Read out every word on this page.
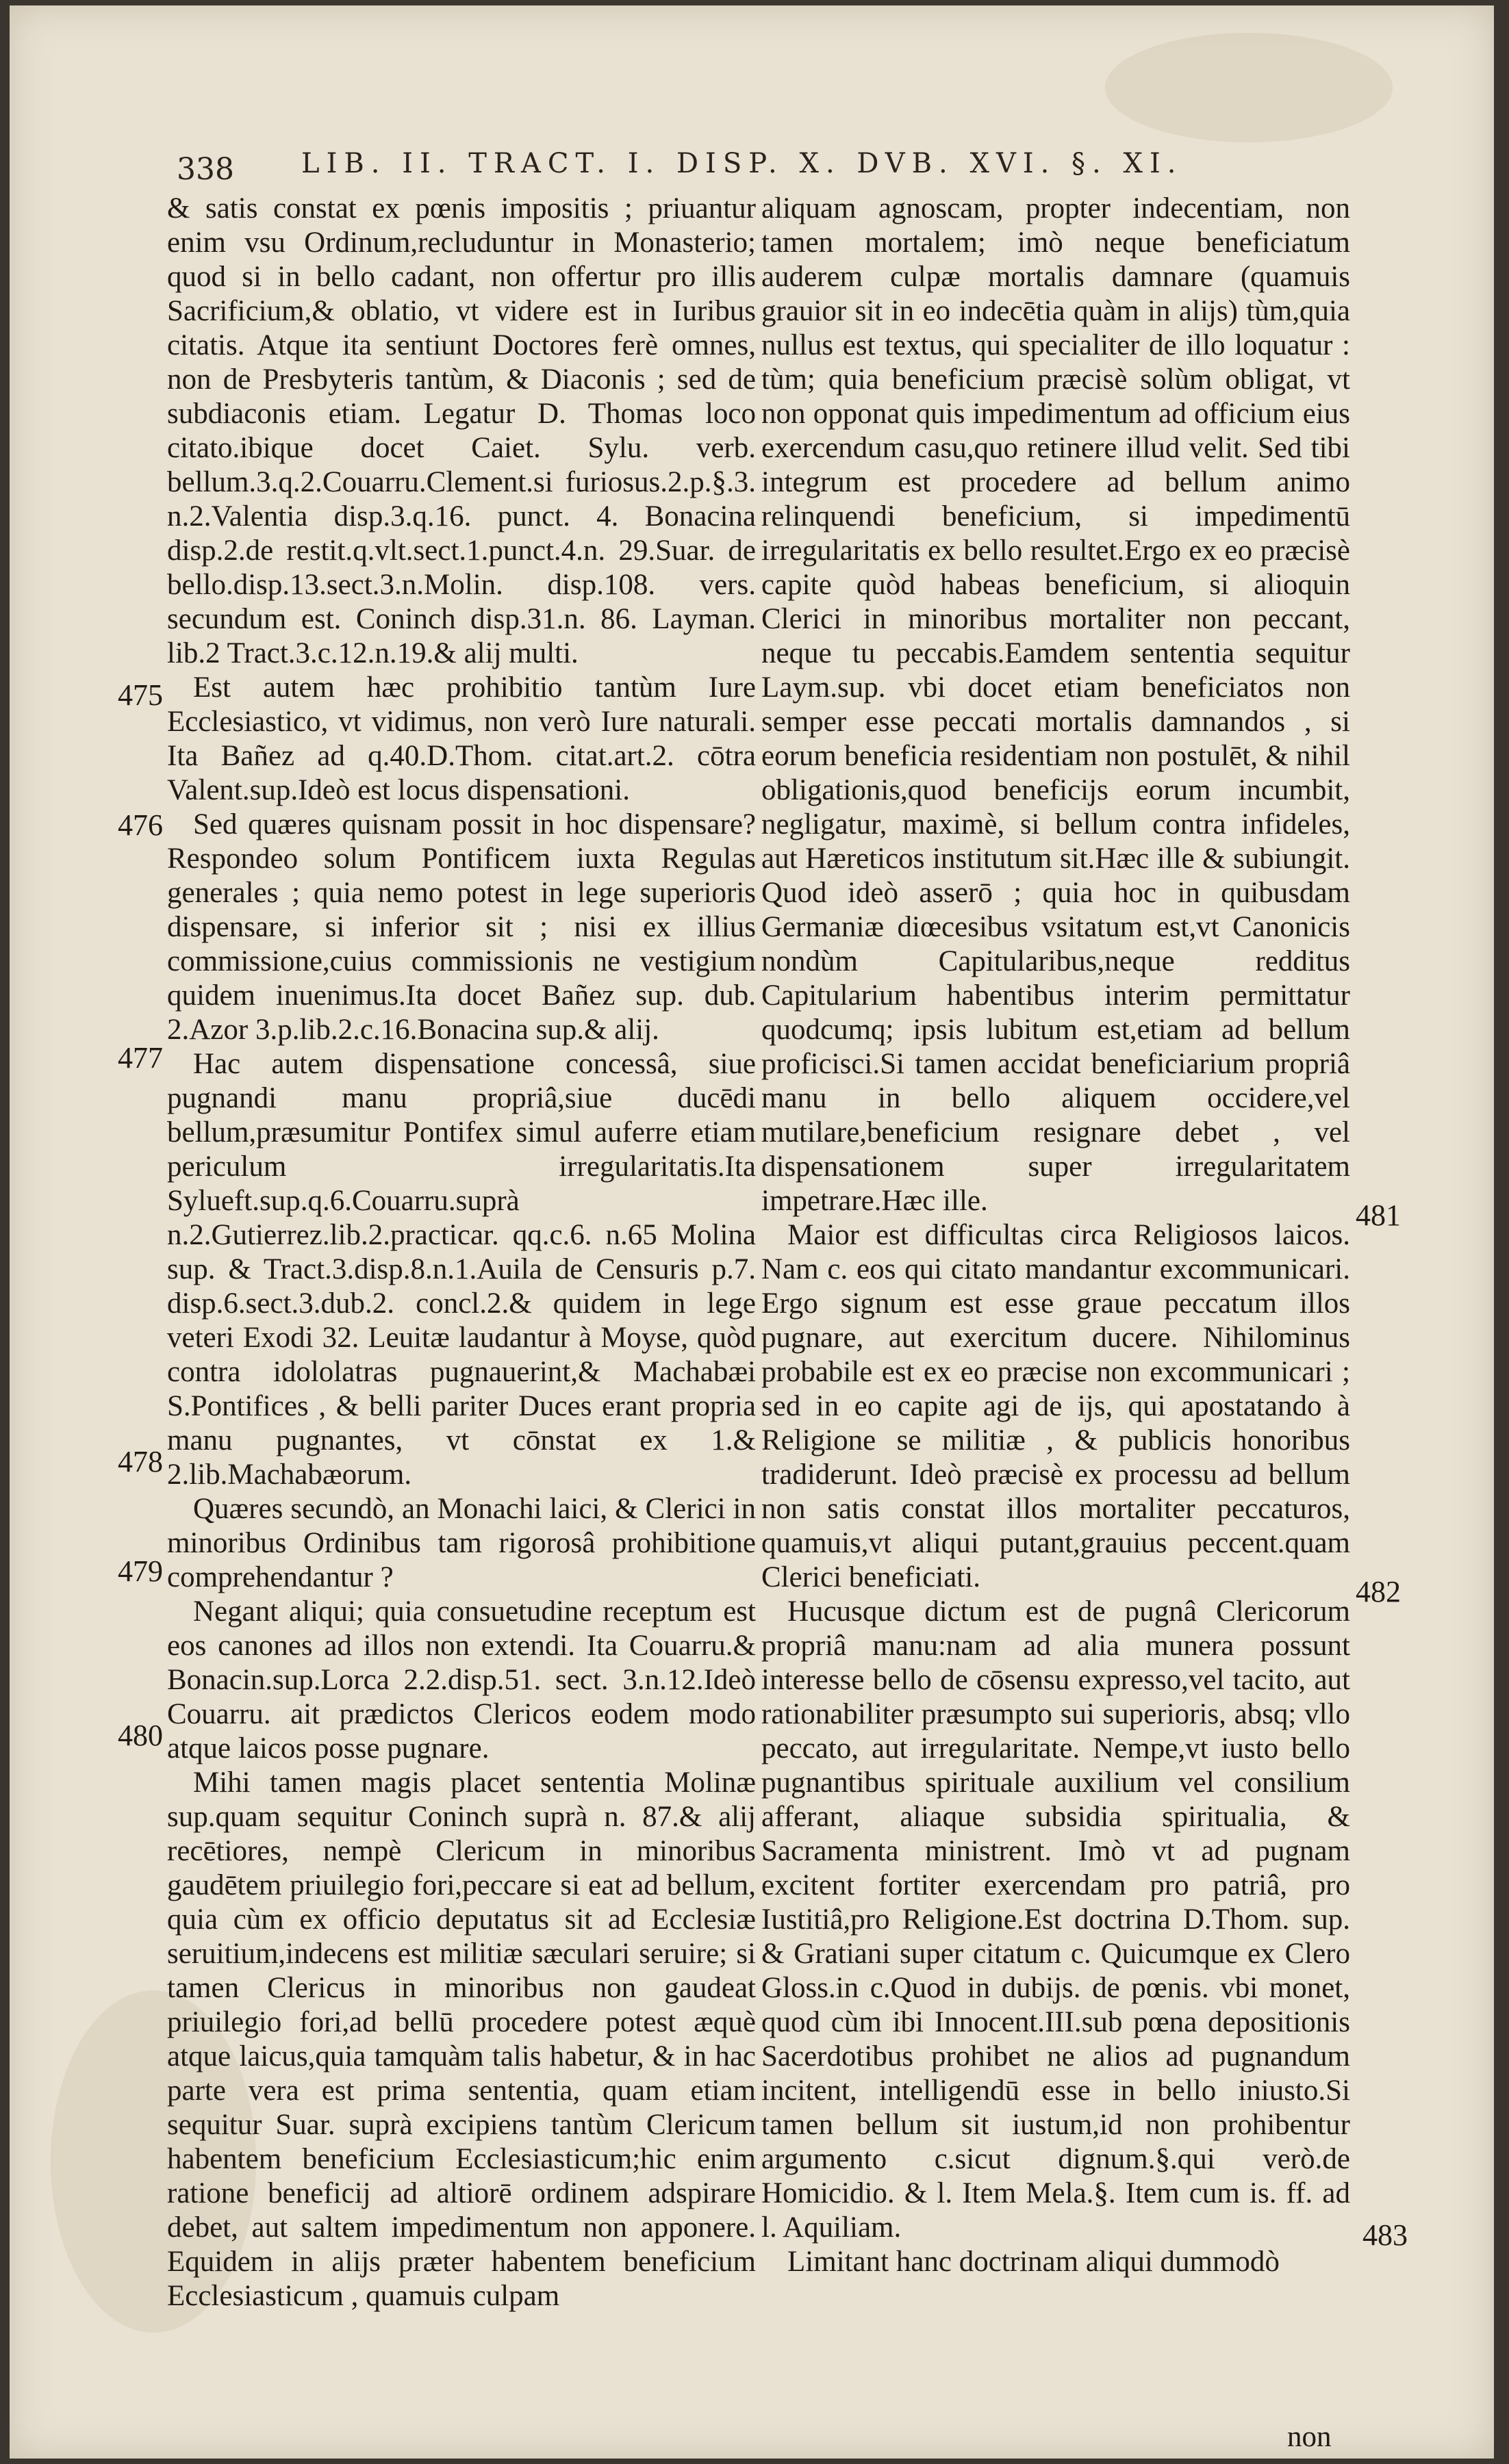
338 LIB. II. TRACT. I. DISP. X. DVB. XVI. §. XI.

& satis constat ex pœnis impositis ; priuantur enim vsu Ordinum,recluduntur in Monasterio; quod si in bello cadant, non offertur pro illis Sacrificium,& oblatio, vt videre est in Iuribus citatis. Atque ita sentiunt Doctores ferè omnes, non de Presbyteris tantùm, & Diaconis ; sed de subdiaconis etiam. Legatur D. Thomas loco citato.ibique docet Caiet. Sylu. verb. bellum.3.q.2.Couarru.Clement.si furiosus.2.p.§.3. n.2.Valentia disp.3.q.16. punct. 4. Bonacina disp.2.de restit.q.vlt.sect.1.punct.4.n. 29.Suar. de bello.disp.13.sect.3.n.Molin. disp.108. vers. secundum est. Coninch disp.31.n. 86. Layman. lib.2 Tract.3.c.12.n.19.& alij multi.

Est autem hæc prohibitio tantùm Iure Ecclesiastico, vt vidimus, non verò Iure naturali. Ita Bañez ad q.40.D.Thom. citat.art.2. cōtra Valent.sup.Ideò est locus dispensationi.

Sed quæres quisnam possit in hoc dispensare? Respondeo solum Pontificem iuxta Regulas generales ; quia nemo potest in lege superioris dispensare, si inferior sit ; nisi ex illius commissione,cuius commissionis ne vestigium quidem inuenimus.Ita docet Bañez sup. dub. 2.Azor 3.p.lib.2.c.16.Bonacina sup.& alij.

Hac autem dispensatione concessâ, siue pugnandi manu propriâ,siue ducēdi bellum,præsumitur Pontifex simul auferre etiam periculum irregularitatis.Ita Sylueft.sup.q.6.Couarru.suprà n.2.Gutierrez.lib.2.practicar. qq.c.6. n.65 Molina sup. & Tract.3.disp.8.n.1.Auila de Censuris p.7. disp.6.sect.3.dub.2. concl.2.& quidem in lege veteri Exodi 32. Leuitæ laudantur à Moyse, quòd contra idololatras pugnauerint,& Machabæi S.Pontifices , & belli pariter Duces erant propria manu pugnantes, vt cōnstat ex 1.& 2.lib.Machabæorum.

Quæres secundò, an Monachi laici, & Clerici in minoribus Ordinibus tam rigorosâ prohibitione comprehendantur ?

Negant aliqui; quia consuetudine receptum est eos canones ad illos non extendi. Ita Couarru.& Bonacin.sup.Lorca 2.2.disp.51. sect. 3.n.12.Ideò Couarru. ait prædictos Clericos eodem modo atque laicos posse pugnare.

Mihi tamen magis placet sententia Molinæ sup.quam sequitur Coninch suprà n. 87.& alij recētiores, nempè Clericum in minoribus gaudētem priuilegio fori,peccare si eat ad bellum, quia cùm ex officio deputatus sit ad Ecclesiæ seruitium,indecens est militiæ sæculari seruire; si tamen Clericus in minoribus non gaudeat priuilegio fori,ad bellū procedere potest æquè atque laicus,quia tamquàm talis habetur, & in hac parte vera est prima sententia, quam etiam sequitur Suar. suprà excipiens tantùm Clericum habentem beneficium Ecclesiasticum;hic enim ratione beneficij ad altiorē ordinem adspirare debet, aut saltem impedimentum non apponere. Equidem in alijs præter habentem beneficium Ecclesiasticum , quamuis culpam

aliquam agnoscam, propter indecentiam, non tamen mortalem; imò neque beneficiatum auderem culpæ mortalis damnare (quamuis grauior sit in eo indecētia quàm in alijs) tùm,quia nullus est textus, qui specialiter de illo loquatur : tùm; quia beneficium præcisè solùm obligat, vt non opponat quis impedimentum ad officium eius exercendum casu,quo retinere illud velit. Sed tibi integrum est procedere ad bellum animo relinquendi beneficium, si impedimentū irregularitatis ex bello resultet.Ergo ex eo præcisè capite quòd habeas beneficium, si alioquin Clerici in minoribus mortaliter non peccant, neque tu peccabis.Eamdem sententia sequitur Laym.sup. vbi docet etiam beneficiatos non semper esse peccati mortalis damnandos , si eorum beneficia residentiam non postulēt, & nihil obligationis,quod beneficijs eorum incumbit, negligatur, maximè, si bellum contra infideles, aut Hæreticos institutum sit.Hæc ille & subiungit. Quod ideò asserō ; quia hoc in quibusdam Germaniæ diœcesibus vsitatum est,vt Canonicis nondùm Capitularibus,neque redditus Capitularium habentibus interim permittatur quodcumq; ipsis lubitum est,etiam ad bellum proficisci.Si tamen accidat beneficiarium propriâ manu in bello aliquem occidere,vel mutilare,beneficium resignare debet , vel dispensationem super irregularitatem impetrare.Hæc ille.

Maior est difficultas circa Religiosos laicos. Nam c. eos qui citato mandantur excommunicari. Ergo signum est esse graue peccatum illos pugnare, aut exercitum ducere. Nihilominus probabile est ex eo præcise non excommunicari ; sed in eo capite agi de ijs, qui apostatando à Religione se militiæ , & publicis honoribus tradiderunt. Ideò præcisè ex processu ad bellum non satis constat illos mortaliter peccaturos, quamuis,vt aliqui putant,grauius peccent.quam Clerici beneficiati.

Hucusque dictum est de pugnâ Clericorum propriâ manu:nam ad alia munera possunt interesse bello de cōsensu expresso,vel tacito, aut rationabiliter præsumpto sui superioris, absq; vllo peccato, aut irregularitate. Nempe,vt iusto bello pugnantibus spirituale auxilium vel consilium afferant, aliaque subsidia spiritualia, & Sacramenta ministrent. Imò vt ad pugnam excitent fortiter exercendam pro patriâ, pro Iustitiâ,pro Religione.Est doctrina D.Thom. sup. & Gratiani super citatum c. Quicumque ex Clero Gloss.in c.Quod in dubijs. de pœnis. vbi monet, quod cùm ibi Innocent.III.sub pœna depositionis Sacerdotibus prohibet ne alios ad pugnandum incitent, intelligendū esse in bello iniusto.Si tamen bellum sit iustum,id non prohibentur argumento c.sicut dignum.§.qui verò.de Homicidio. & l. Item Mela.§. Item cum is. ff. ad l. Aquiliam.

Limitant hanc doctrinam aliqui dummodò

475
476
477
478
479
480
481
482
483
non
